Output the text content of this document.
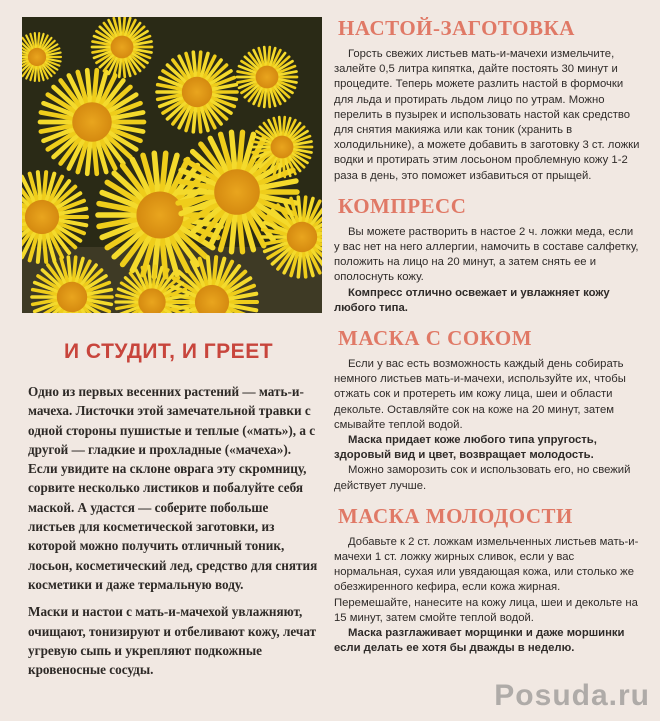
И СТУДИТ, И ГРЕЕТ

Одно из первых весенних растений — мать-и-мачеха. Листочки этой замечательной травки с одной стороны пушистые и теплые («мать»), а с другой — гладкие и прохладные («мачеха»). Если увидите на склоне оврага эту скромницу, сорвите несколько листиков и побалуйте себя маской. А удастся — соберите побольше листьев для косметической заготовки, из которой можно получить отличный тоник, лосьон, косметический лед, средство для снятия косметики и даже термальную воду.

Маски и настои с мать-и-мачехой увлажняют, очищают, тонизируют и отбеливают кожу, лечат угревую сыпь и укрепляют подкожные кровеносные сосуды.

НАСТОЙ-ЗАГОТОВКА
Горсть свежих листьев мать-и-мачехи измельчите, залейте 0,5 литра кипятка, дайте постоять 30 минут и процедите. Теперь можете разлить настой в формочки для льда и протирать льдом лицо по утрам. Можно перелить в пузырек и использовать настой как средство для снятия макияжа или как тоник (хранить в холодильнике), а можете добавить в заготовку 3 ст. ложки водки и протирать этим лосьоном проблемную кожу 1-2 раза в день, это поможет избавиться от прыщей.
КОМПРЕСС
Вы можете растворить в настое 2 ч. ложки меда, если у вас нет на него аллергии, намочить в составе салфетку, положить на лицо на 20 минут, а затем снять ее и ополоснуть кожу.
Компресс отлично освежает и увлажняет кожу любого типа.
МАСКА С СОКОМ
Если у вас есть возможность каждый день собирать немного листьев мать-и-мачехи, используйте их, чтобы отжать сок и протереть им кожу лица, шеи и области декольте. Оставляйте сок на коже на 20 минут, затем смывайте теплой водой.
Маска придает коже любого типа упругость, здоровый вид и цвет, возвращает молодость.
Можно заморозить сок и использовать его, но свежий действует лучше.
МАСКА МОЛОДОСТИ
Добавьте к 2 ст. ложкам измельченных листьев мать-и-мачехи 1 ст. ложку жирных сливок, если у вас нормальная, сухая или увядающая кожа, или столько же обезжиренного кефира, если кожа жирная. Перемешайте, нанесите на кожу лица, шеи и декольте на 15 минут, затем смойте теплой водой.
Маска разглаживает морщинки и даже моршинки если делать ее хотя бы дважды в неделю.
Posuda.ru
